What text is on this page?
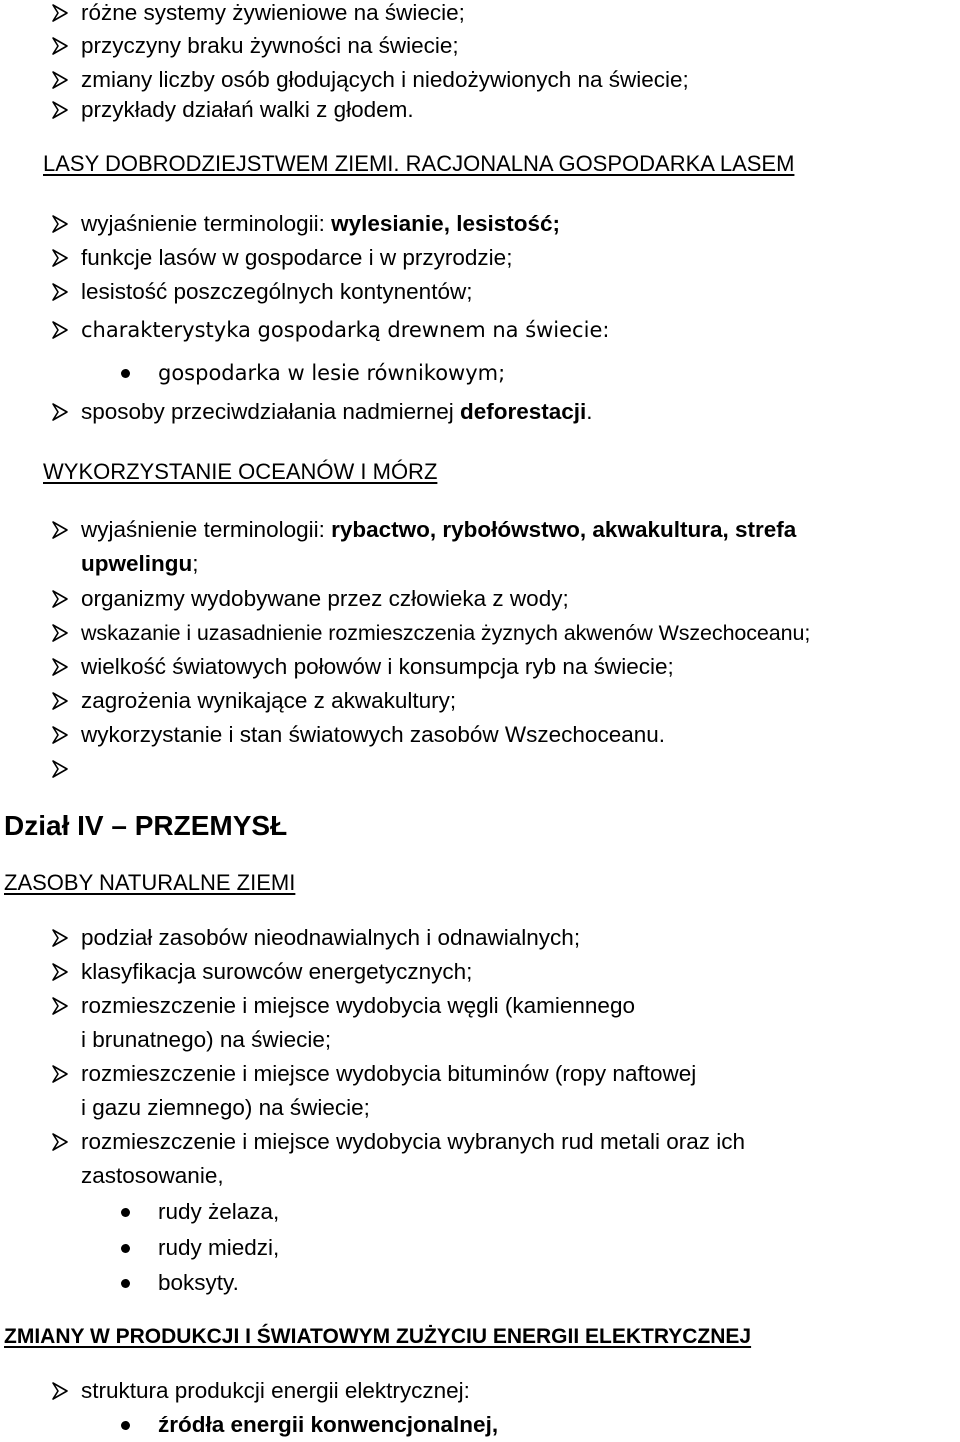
różne systemy żywieniowe na świecie;
przyczyny braku żywności na świecie;
zmiany liczby osób głodujących i niedożywionych na świecie;
przykłady działań walki z głodem.
LASY DOBRODZIEJSTWEM ZIEMI. RACJONALNA GOSPODARKA LASEM
wyjaśnienie terminologii: wylesianie, lesistość;
funkcje lasów w gospodarce i w przyrodzie;
lesistość poszczególnych kontynentów;
charakterystyka gospodarką drewnem na świecie:
gospodarka w lesie równikowym;
sposoby przeciwdziałania nadmiernej deforestacji.
WYKORZYSTANIE OCEANÓW I MÓRZ
wyjaśnienie terminologii: rybactwo, rybołówstwo, akwakultura, strefa
upwelingu;
organizmy wydobywane przez człowieka z wody;
wskazanie i uzasadnienie rozmieszczenia żyznych akwenów Wszechoceanu;
wielkość światowych połowów i konsumpcja ryb na świecie;
zagrożenia wynikające z akwakultury;
wykorzystanie i stan światowych zasobów Wszechoceanu.
Dział IV – PRZEMYSŁ
ZASOBY NATURALNE ZIEMI
podział zasobów nieodnawialnych i odnawialnych;
klasyfikacja surowców energetycznych;
rozmieszczenie i miejsce wydobycia węgli (kamiennego
i brunatnego) na świecie;
rozmieszczenie i miejsce wydobycia bituminów (ropy naftowej
i gazu ziemnego) na świecie;
rozmieszczenie i miejsce wydobycia wybranych rud metali oraz ich
zastosowanie,
rudy żelaza,
rudy miedzi,
boksyty.
ZMIANY W PRODUKCJI I ŚWIATOWYM ZUŻYCIU ENERGII ELEKTRYCZNEJ
struktura produkcji energii elektrycznej:
źródła energii konwencjonalnej,
